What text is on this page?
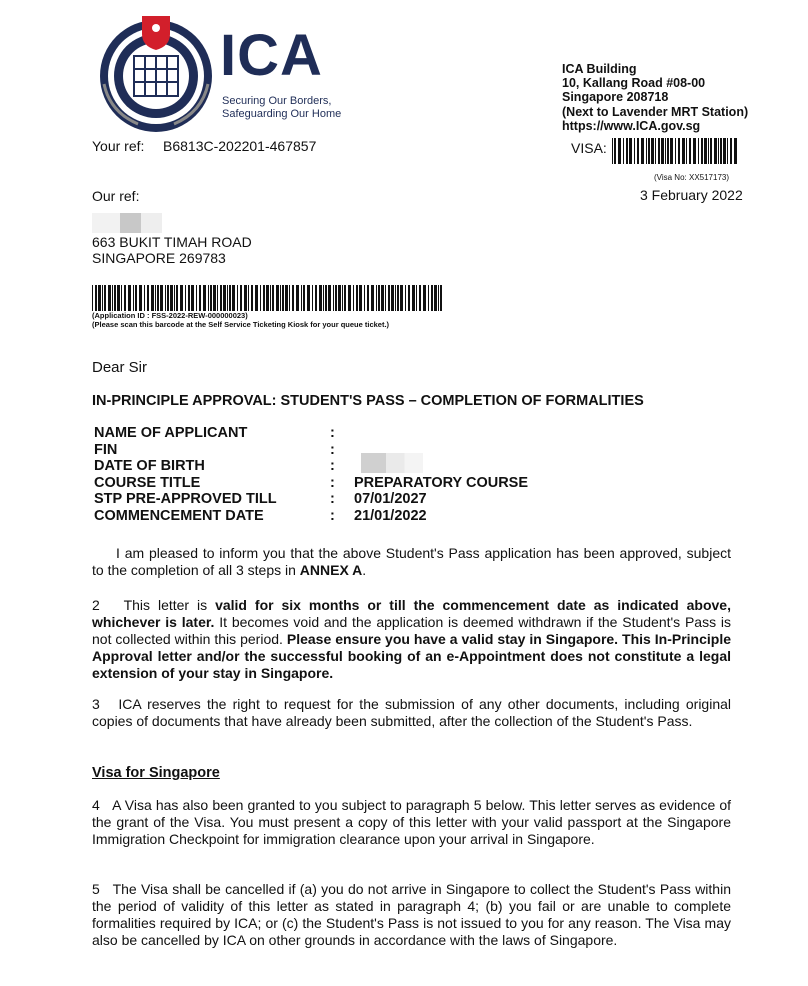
ICA
Securing Our Borders,
Safeguarding Our Home
ICA Building
10, Kallang Road #08-00
Singapore 208718
(Next to Lavender MRT Station)
https://www.ICA.gov.sg
VISA:
(Visa No: XX517173)
3 February 2022
Your ref: B6813C-202201-467857
Our ref:
663 BUKIT TIMAH ROAD
SINGAPORE 269783
(Application ID : FSS-2022-REW-000000023)
(Please scan this barcode at the Self Service Ticketing Kiosk for your queue ticket.)
Dear Sir
IN-PRINCIPLE APPROVAL: STUDENT'S PASS – COMPLETION OF FORMALITIES
NAME OF APPLICANT	:	
FIN	:	
DATE OF BIRTH	:	
COURSE TITLE	:	PREPARATORY COURSE
STP PRE-APPROVED TILL	:	07/01/2027
COMMENCEMENT DATE	:	21/01/2022

I am pleased to inform you that the above Student's Pass application has been approved, subject to the completion of all 3 steps in ANNEX A.

2 This letter is valid for six months or till the commencement date as indicated above, whichever is later. It becomes void and the application is deemed withdrawn if the Student's Pass is not collected within this period. Please ensure you have a valid stay in Singapore. This In-Principle Approval letter and/or the successful booking of an e-Appointment does not constitute a legal extension of your stay in Singapore.

3 ICA reserves the right to request for the submission of any other documents, including original copies of documents that have already been submitted, after the collection of the Student's Pass.

Visa for Singapore

4 A Visa has also been granted to you subject to paragraph 5 below. This letter serves as evidence of the grant of the Visa. You must present a copy of this letter with your valid passport at the Singapore Immigration Checkpoint for immigration clearance upon your arrival in Singapore.

5 The Visa shall be cancelled if (a) you do not arrive in Singapore to collect the Student's Pass within the period of validity of this letter as stated in paragraph 4; (b) you fail or are unable to complete formalities required by ICA; or (c) the Student's Pass is not issued to you for any reason. The Visa may also be cancelled by ICA on other grounds in accordance with the laws of Singapore.
